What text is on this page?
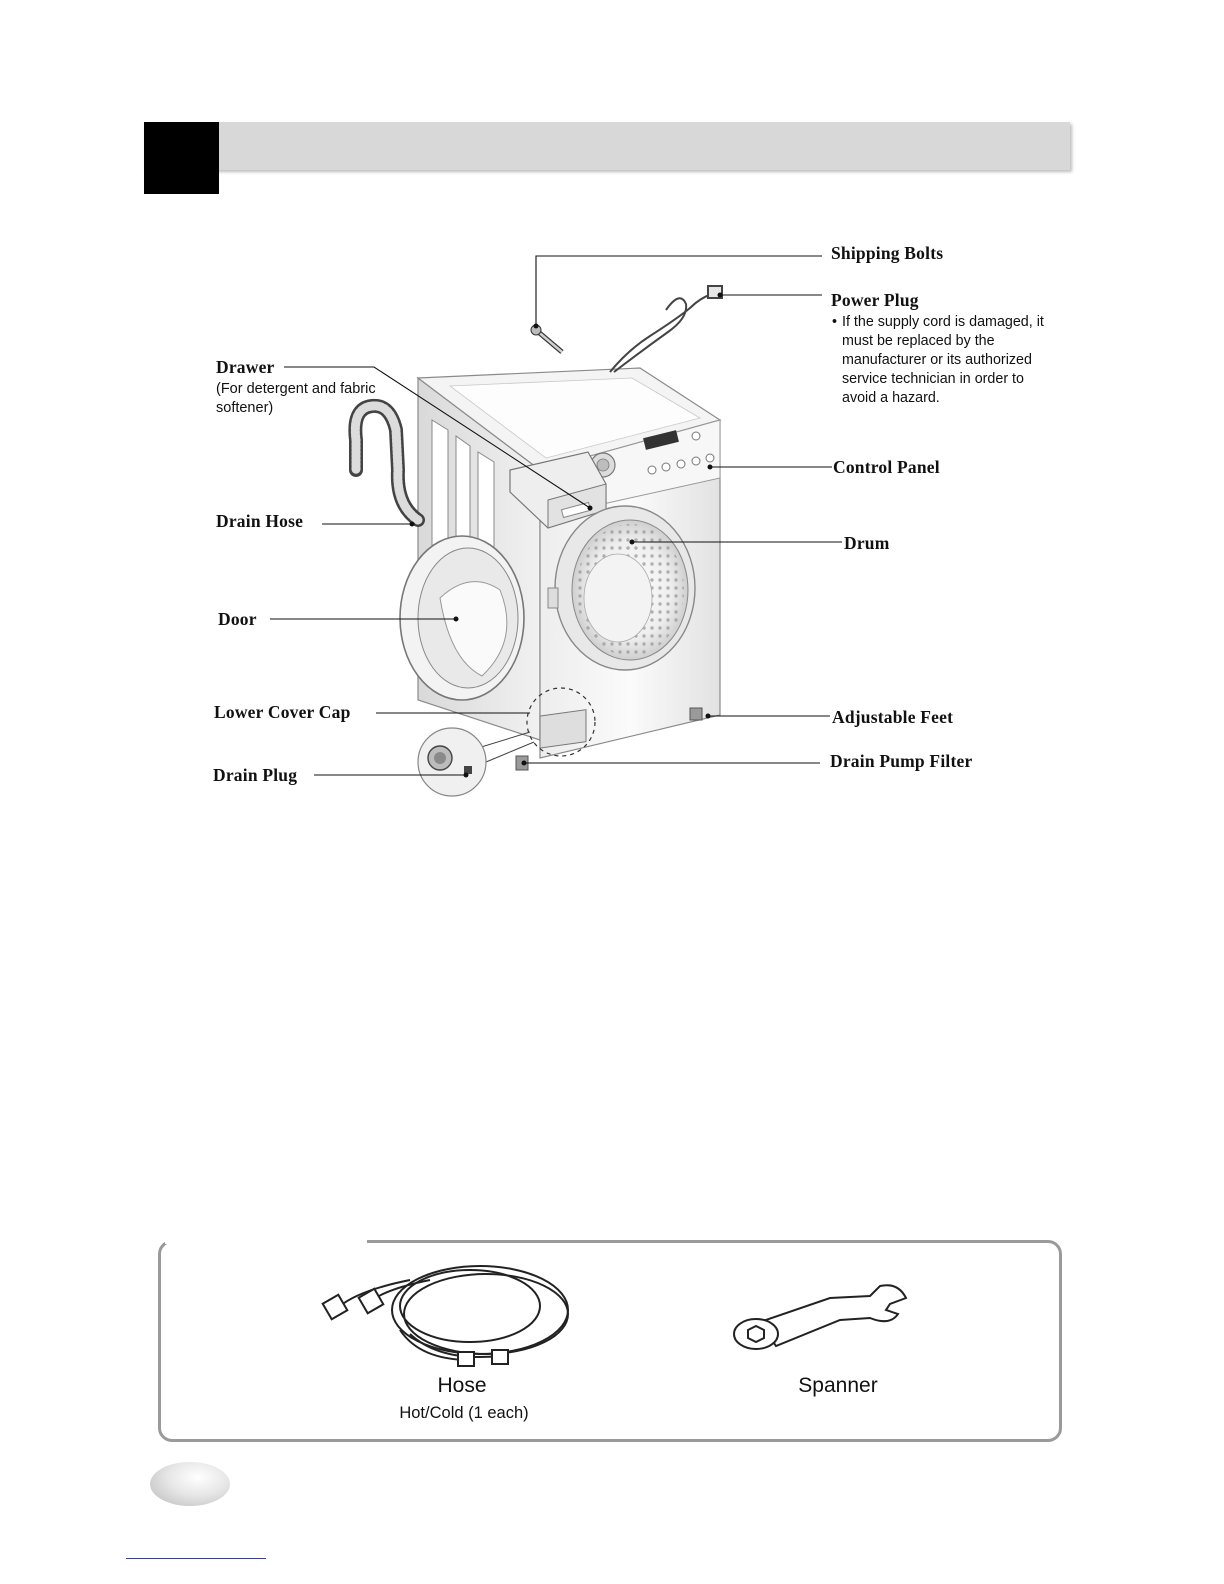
Shipping Bolts
Power Plug
• If the supply cord is damaged, it must be replaced by the manufacturer or its authorized service technician in order to avoid a hazard.
Drawer
(For detergent and fabric softener)
Drain Hose
Control Panel
Drum
Door
Lower Cover Cap	Adjustable Feet
Drain Plug
Drain Pump Filter
Hose
Hot/Cold (1 each)
Spanner
